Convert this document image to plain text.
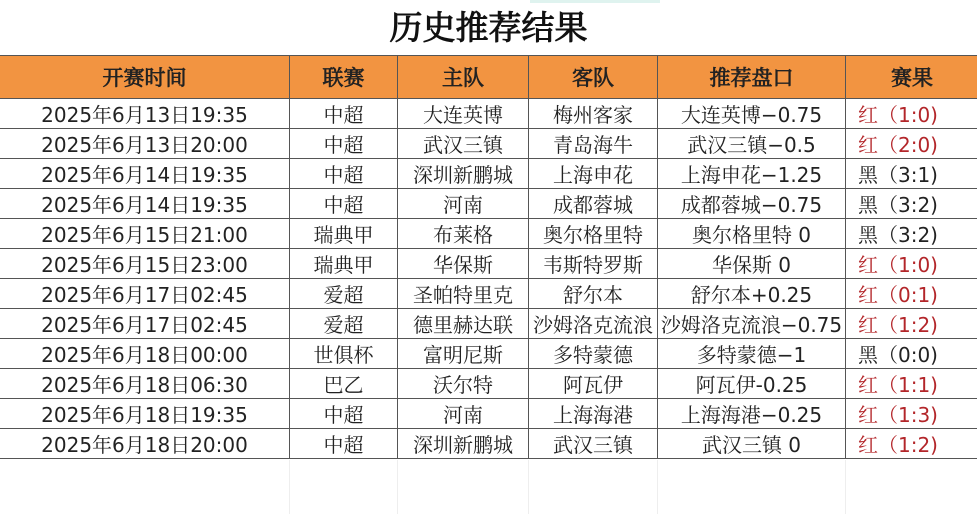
历史推荐结果
开赛时间	联赛	主队	客队	推荐盘口	赛果
2025年6月13日19:35	中超	大连英博	梅州客家	大连英博−0.75	红（1:0)
2025年6月13日20:00	中超	武汉三镇	青岛海牛	武汉三镇−0.5	红（2:0)
2025年6月14日19:35	中超	深圳新鹏城	上海申花	上海申花−1.25	黑（3:1)
2025年6月14日19:35	中超	河南	成都蓉城	成都蓉城−0.75	黑（3:2)
2025年6月15日21:00	瑞典甲	布莱格	奥尔格里特	奥尔格里特 0	黑（3:2)
2025年6月15日23:00	瑞典甲	华保斯	韦斯特罗斯	华保斯 0	红（1:0)
2025年6月17日02:45	爱超	圣帕特里克	舒尔本	舒尔本+0.25	红（0:1)
2025年6月17日02:45	爱超	德里赫达联	沙姆洛克流浪	沙姆洛克流浪−0.75	红（1:2)
2025年6月18日00:00	世俱杯	富明尼斯	多特蒙德	多特蒙德−1	黑（0:0)
2025年6月18日06:30	巴乙	沃尔特	阿瓦伊	阿瓦伊-0.25	红（1:1)
2025年6月18日19:35	中超	河南	上海海港	上海海港−0.25	红（1:3)
2025年6月18日20:00	中超	深圳新鹏城	武汉三镇	武汉三镇 0	红（1:2)
